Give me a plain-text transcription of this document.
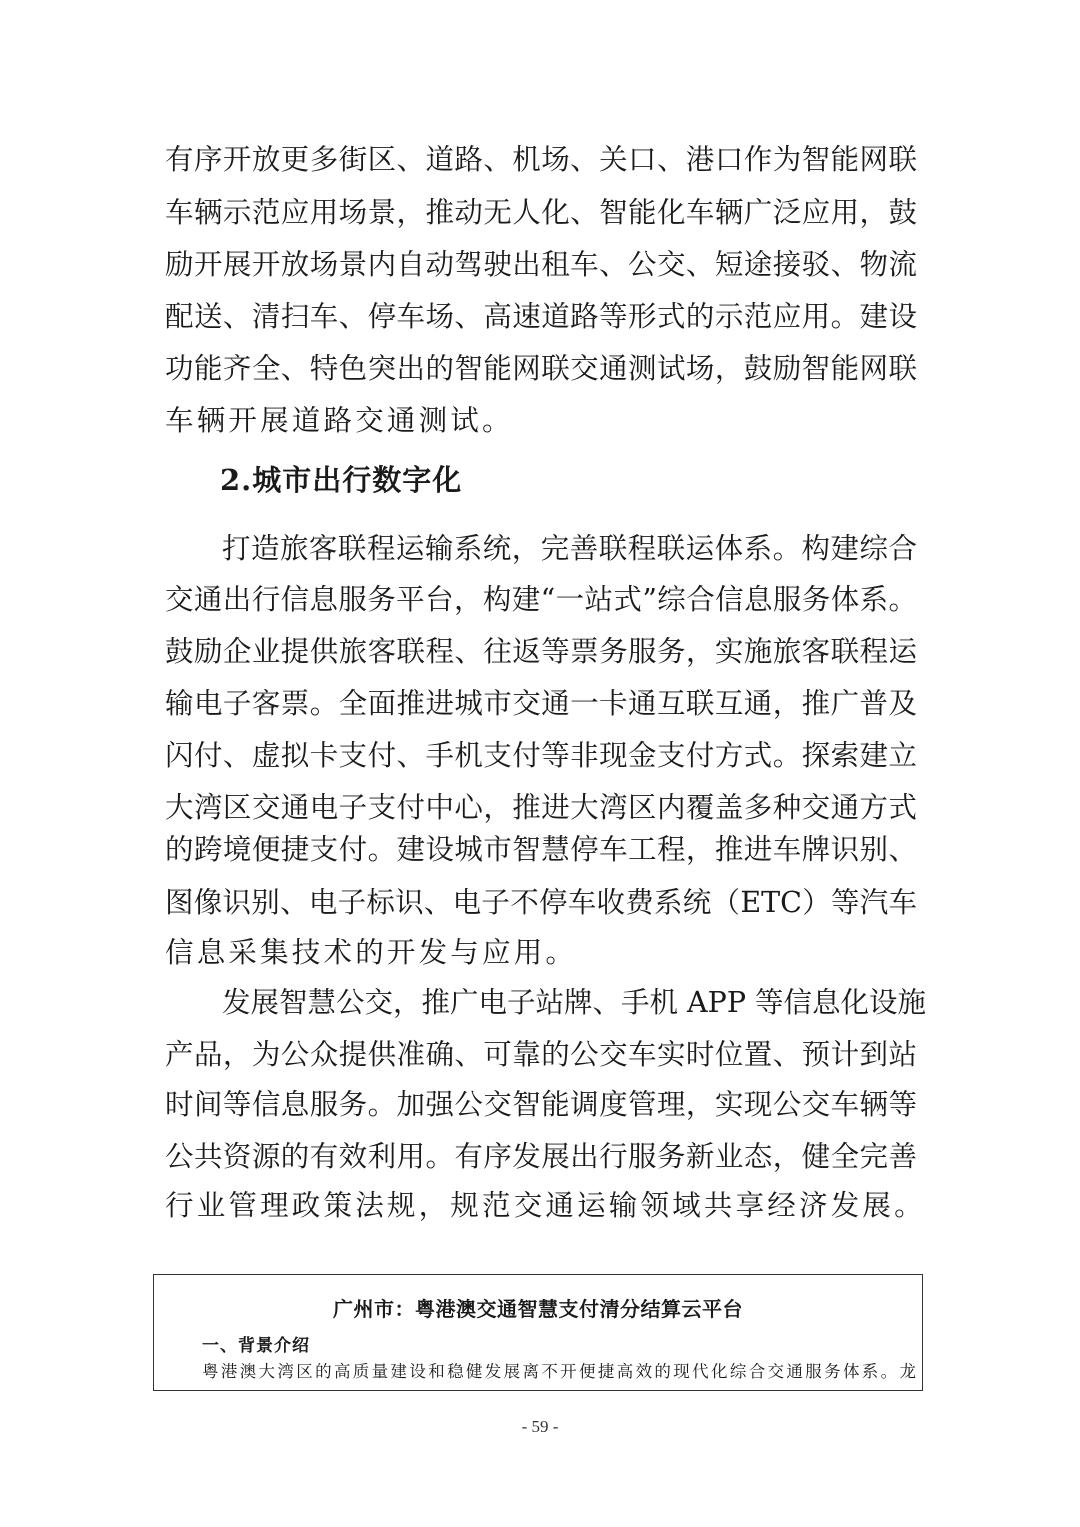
有序开放更多街区、道路、机场、关口、港口作为智能网联
车辆示范应用场景，推动无人化、智能化车辆广泛应用，鼓
励开展开放场景内自动驾驶出租车、公交、短途接驳、物流
配送、清扫车、停车场、高速道路等形式的示范应用。建设
功能齐全、特色突出的智能网联交通测试场，鼓励智能网联
车辆开展道路交通测试。
2.城市出行数字化
打造旅客联程运输系统，完善联程联运体系。构建综合
交通出行信息服务平台，构建“一站式”综合信息服务体系。
鼓励企业提供旅客联程、往返等票务服务，实施旅客联程运
输电子客票。全面推进城市交通一卡通互联互通，推广普及
闪付、虚拟卡支付、手机支付等非现金支付方式。探索建立
大湾区交通电子支付中心，推进大湾区内覆盖多种交通方式
的跨境便捷支付。建设城市智慧停车工程，推进车牌识别、
图像识别、电子标识、电子不停车收费系统（ETC）等汽车
信息采集技术的开发与应用。
发展智慧公交，推广电子站牌、手机 APP 等信息化设施
产品，为公众提供准确、可靠的公交车实时位置、预计到站
时间等信息服务。加强公交智能调度管理，实现公交车辆等
公共资源的有效利用。有序发展出行服务新业态，健全完善
行业管理政策法规，规范交通运输领域共享经济发展。
广州市：粤港澳交通智慧支付清分结算云平台
一、背景介绍
粤港澳大湾区的高质量建设和稳健发展离不开便捷高效的现代化综合交通服务体系。龙
- 59 -
